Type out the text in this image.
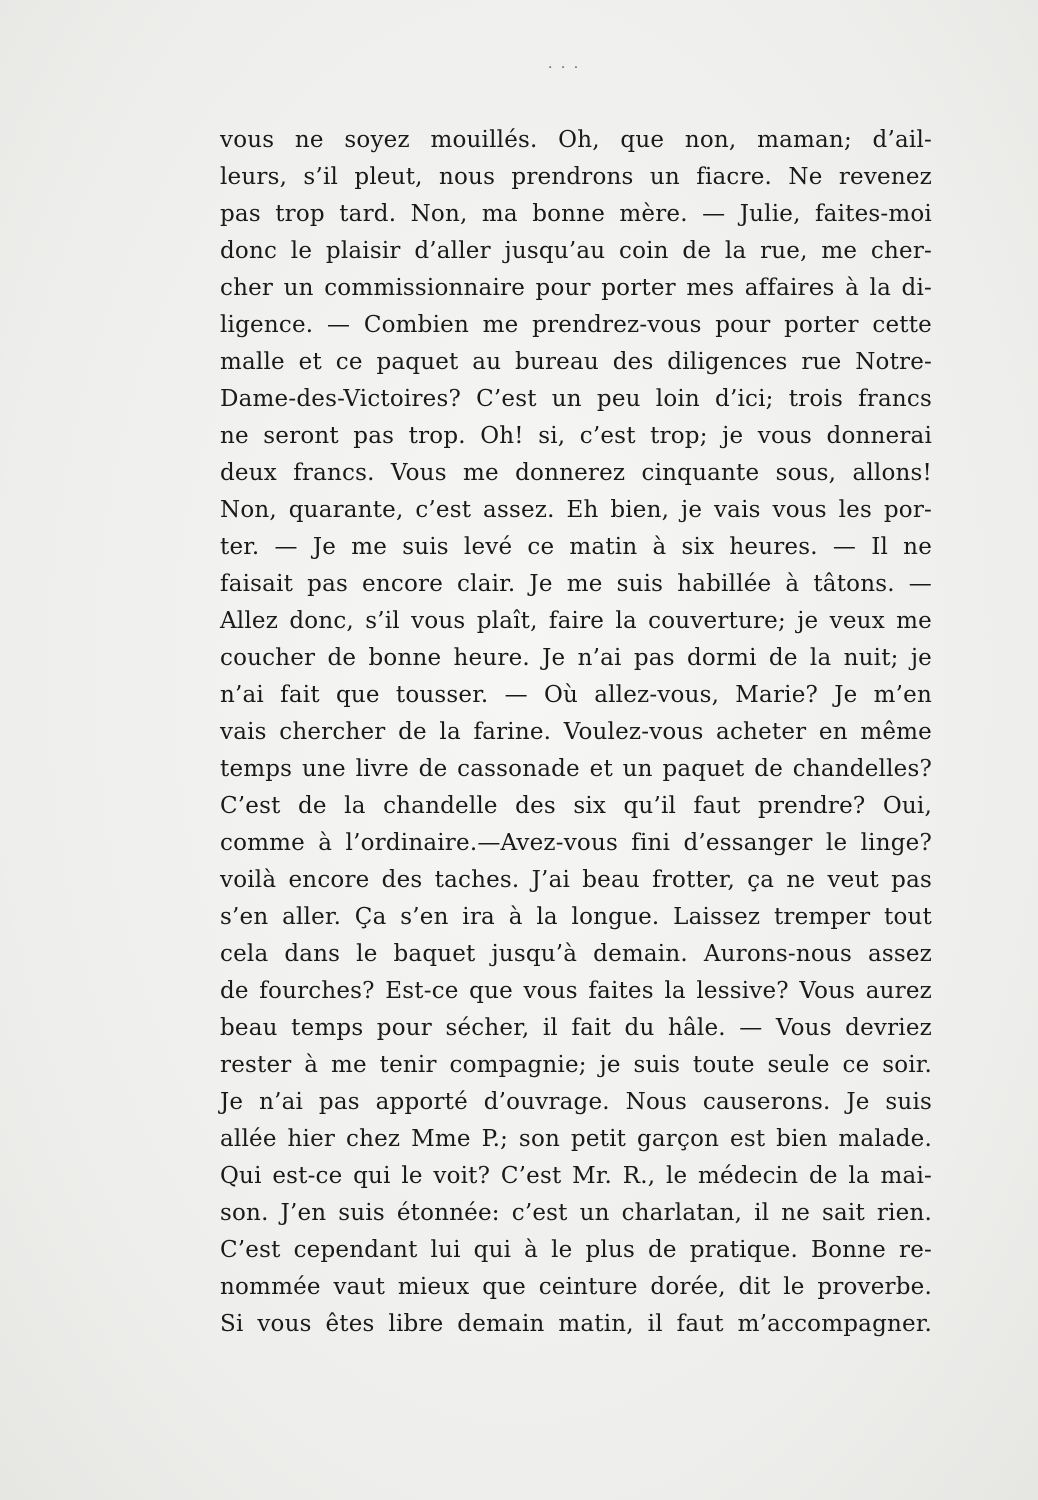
· · ·
vous ne soyez mouillés. Oh, que non, maman; d’ail-
leurs, s’il pleut, nous prendrons un fiacre. Ne revenez
pas trop tard. Non, ma bonne mère. — Julie, faites-moi
donc le plaisir d’aller jusqu’au coin de la rue, me cher-
cher un commissionnaire pour porter mes affaires à la di-
ligence. — Combien me prendrez-vous pour porter cette
malle et ce paquet au bureau des diligences rue Notre-
Dame-des-Victoires? C’est un peu loin d’ici; trois francs
ne seront pas trop. Oh! si, c’est trop; je vous donnerai
deux francs. Vous me donnerez cinquante sous, allons!
Non, quarante, c’est assez. Eh bien, je vais vous les por-
ter. — Je me suis levé ce matin à six heures. — Il ne
faisait pas encore clair. Je me suis habillée à tâtons. —
Allez donc, s’il vous plaît, faire la couverture; je veux me
coucher de bonne heure. Je n’ai pas dormi de la nuit; je
n’ai fait que tousser. — Où allez-vous, Marie? Je m’en
vais chercher de la farine. Voulez-vous acheter en même
temps une livre de cassonade et un paquet de chandelles?
C’est de la chandelle des six qu’il faut prendre? Oui,
comme à l’ordinaire.—Avez-vous fini d’essanger le linge?
voilà encore des taches. J’ai beau frotter, ça ne veut pas
s’en aller. Ça s’en ira à la longue. Laissez tremper tout
cela dans le baquet jusqu’à demain. Aurons-nous assez
de fourches? Est-ce que vous faites la lessive? Vous aurez
beau temps pour sécher, il fait du hâle. — Vous devriez
rester à me tenir compagnie; je suis toute seule ce soir.
Je n’ai pas apporté d’ouvrage. Nous causerons. Je suis
allée hier chez Mme P.; son petit garçon est bien malade.
Qui est-ce qui le voit? C’est Mr. R., le médecin de la mai-
son. J’en suis étonnée: c’est un charlatan, il ne sait rien.
C’est cependant lui qui à le plus de pratique. Bonne re-
nommée vaut mieux que ceinture dorée, dit le proverbe.
Si vous êtes libre demain matin, il faut m’accompagner.
